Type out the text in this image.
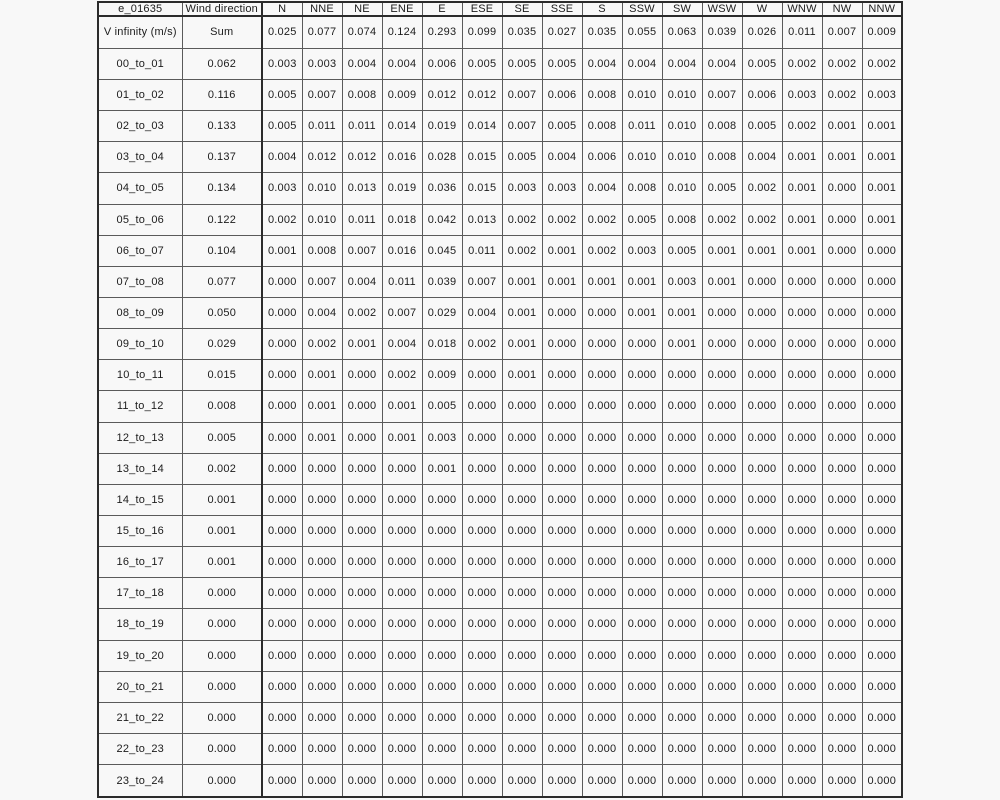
e_01635	Wind direction	N	NNE	NE	ENE	E	ESE	SE	SSE	S	SSW	SW	WSW	W	WNW	NW	NNW
V infinity (m/s)	Sum	0.025	0.077	0.074	0.124	0.293	0.099	0.035	0.027	0.035	0.055	0.063	0.039	0.026	0.011	0.007	0.009
00_to_01	0.062	0.003	0.003	0.004	0.004	0.006	0.005	0.005	0.005	0.004	0.004	0.004	0.004	0.005	0.002	0.002	0.002
01_to_02	0.116	0.005	0.007	0.008	0.009	0.012	0.012	0.007	0.006	0.008	0.010	0.010	0.007	0.006	0.003	0.002	0.003
02_to_03	0.133	0.005	0.011	0.011	0.014	0.019	0.014	0.007	0.005	0.008	0.011	0.010	0.008	0.005	0.002	0.001	0.001
03_to_04	0.137	0.004	0.012	0.012	0.016	0.028	0.015	0.005	0.004	0.006	0.010	0.010	0.008	0.004	0.001	0.001	0.001
04_to_05	0.134	0.003	0.010	0.013	0.019	0.036	0.015	0.003	0.003	0.004	0.008	0.010	0.005	0.002	0.001	0.000	0.001
05_to_06	0.122	0.002	0.010	0.011	0.018	0.042	0.013	0.002	0.002	0.002	0.005	0.008	0.002	0.002	0.001	0.000	0.001
06_to_07	0.104	0.001	0.008	0.007	0.016	0.045	0.011	0.002	0.001	0.002	0.003	0.005	0.001	0.001	0.001	0.000	0.000
07_to_08	0.077	0.000	0.007	0.004	0.011	0.039	0.007	0.001	0.001	0.001	0.001	0.003	0.001	0.000	0.000	0.000	0.000
08_to_09	0.050	0.000	0.004	0.002	0.007	0.029	0.004	0.001	0.000	0.000	0.001	0.001	0.000	0.000	0.000	0.000	0.000
09_to_10	0.029	0.000	0.002	0.001	0.004	0.018	0.002	0.001	0.000	0.000	0.000	0.001	0.000	0.000	0.000	0.000	0.000
10_to_11	0.015	0.000	0.001	0.000	0.002	0.009	0.000	0.001	0.000	0.000	0.000	0.000	0.000	0.000	0.000	0.000	0.000
11_to_12	0.008	0.000	0.001	0.000	0.001	0.005	0.000	0.000	0.000	0.000	0.000	0.000	0.000	0.000	0.000	0.000	0.000
12_to_13	0.005	0.000	0.001	0.000	0.001	0.003	0.000	0.000	0.000	0.000	0.000	0.000	0.000	0.000	0.000	0.000	0.000
13_to_14	0.002	0.000	0.000	0.000	0.000	0.001	0.000	0.000	0.000	0.000	0.000	0.000	0.000	0.000	0.000	0.000	0.000
14_to_15	0.001	0.000	0.000	0.000	0.000	0.000	0.000	0.000	0.000	0.000	0.000	0.000	0.000	0.000	0.000	0.000	0.000
15_to_16	0.001	0.000	0.000	0.000	0.000	0.000	0.000	0.000	0.000	0.000	0.000	0.000	0.000	0.000	0.000	0.000	0.000
16_to_17	0.001	0.000	0.000	0.000	0.000	0.000	0.000	0.000	0.000	0.000	0.000	0.000	0.000	0.000	0.000	0.000	0.000
17_to_18	0.000	0.000	0.000	0.000	0.000	0.000	0.000	0.000	0.000	0.000	0.000	0.000	0.000	0.000	0.000	0.000	0.000
18_to_19	0.000	0.000	0.000	0.000	0.000	0.000	0.000	0.000	0.000	0.000	0.000	0.000	0.000	0.000	0.000	0.000	0.000
19_to_20	0.000	0.000	0.000	0.000	0.000	0.000	0.000	0.000	0.000	0.000	0.000	0.000	0.000	0.000	0.000	0.000	0.000
20_to_21	0.000	0.000	0.000	0.000	0.000	0.000	0.000	0.000	0.000	0.000	0.000	0.000	0.000	0.000	0.000	0.000	0.000
21_to_22	0.000	0.000	0.000	0.000	0.000	0.000	0.000	0.000	0.000	0.000	0.000	0.000	0.000	0.000	0.000	0.000	0.000
22_to_23	0.000	0.000	0.000	0.000	0.000	0.000	0.000	0.000	0.000	0.000	0.000	0.000	0.000	0.000	0.000	0.000	0.000
23_to_24	0.000	0.000	0.000	0.000	0.000	0.000	0.000	0.000	0.000	0.000	0.000	0.000	0.000	0.000	0.000	0.000	0.000
